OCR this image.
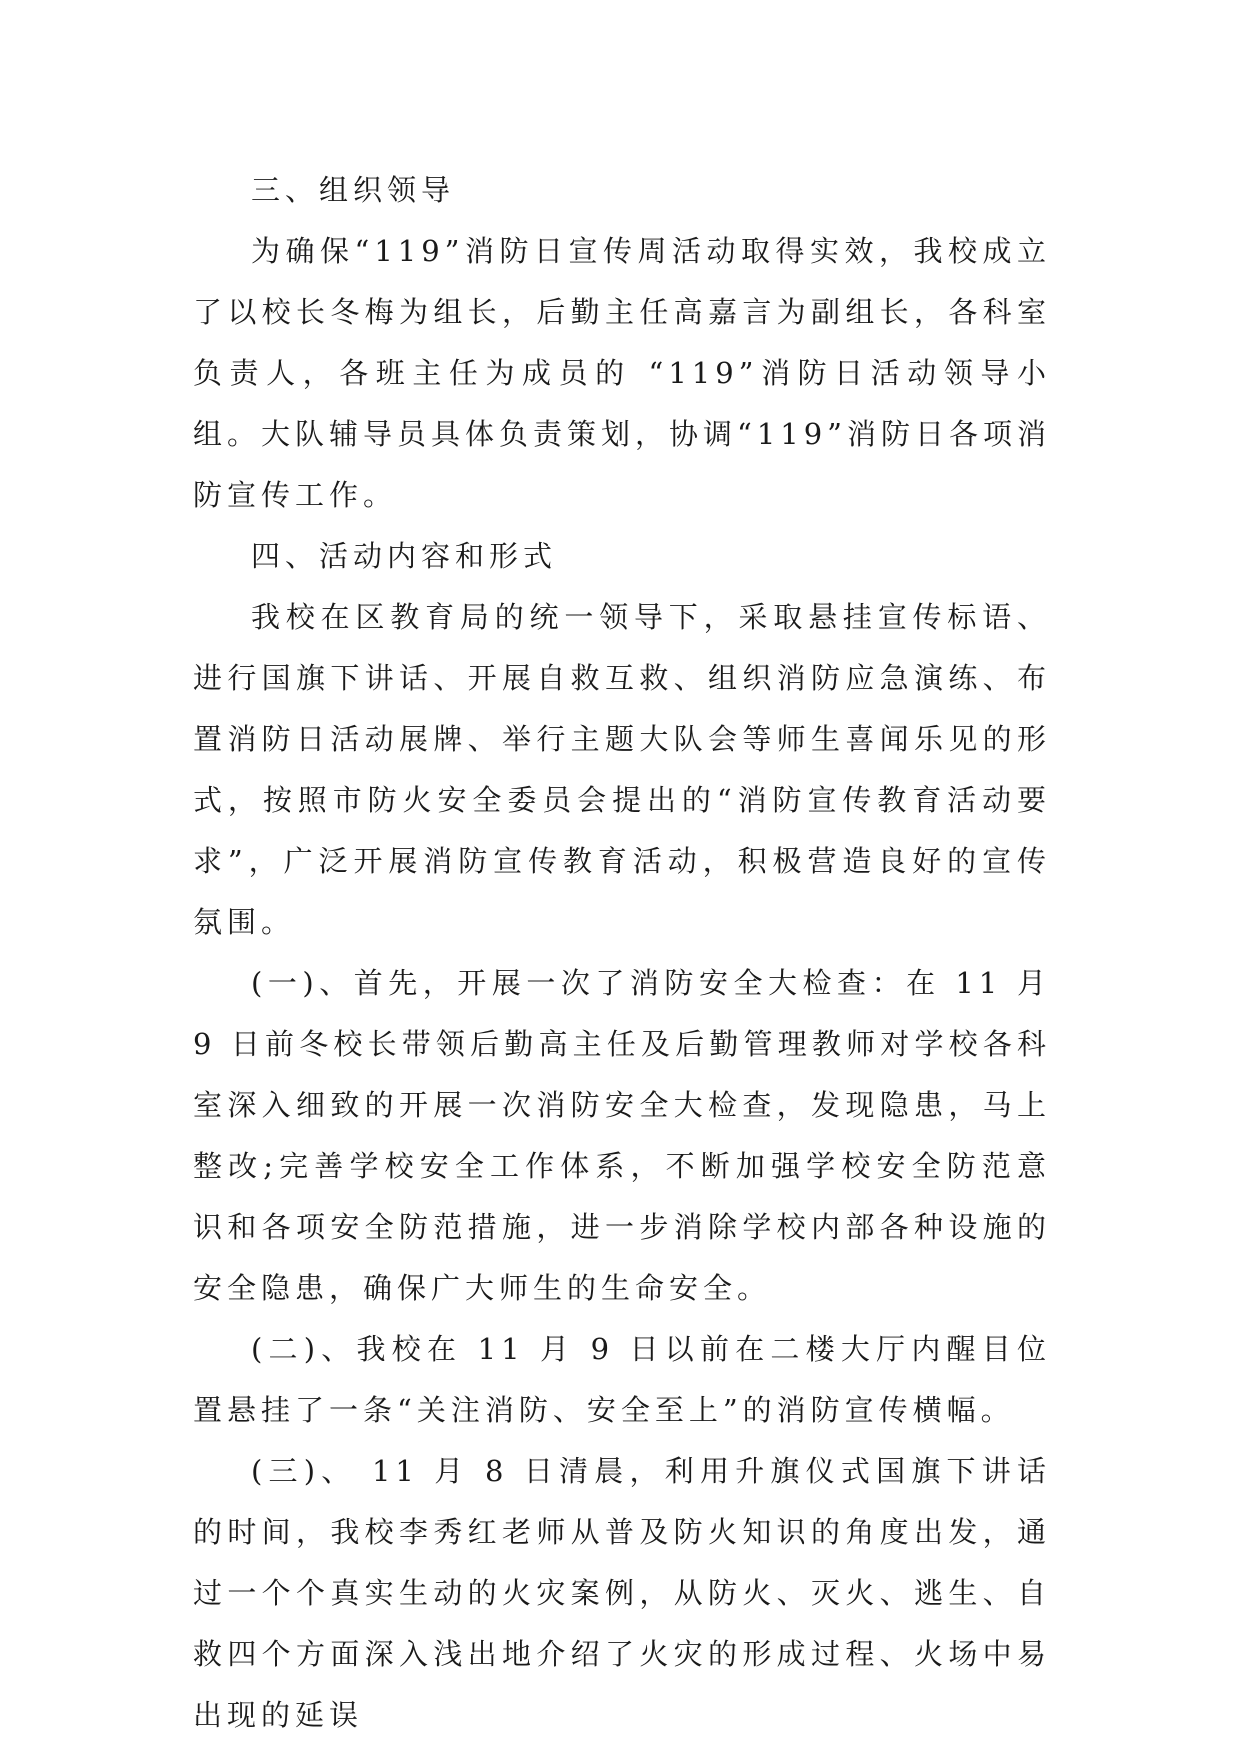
三、组织领导

为确保“119”消防日宣传周活动取得实效，我校成立了以校长冬梅为组长，后勤主任高嘉言为副组长，各科室负责人，各班主任为成员的 “119”消防日活动领导小组。大队辅导员具体负责策划，协调“119”消防日各项消防宣传工作。

四、活动内容和形式

我校在区教育局的统一领导下，采取悬挂宣传标语、进行国旗下讲话、开展自救互救、组织消防应急演练、布置消防日活动展牌、举行主题大队会等师生喜闻乐见的形式，按照市防火安全委员会提出的“消防宣传教育活动要求”，广泛开展消防宣传教育活动，积极营造良好的宣传氛围。

(一)、首先，开展一次了消防安全大检查：在 11 月 9 日前冬校长带领后勤高主任及后勤管理教师对学校各科室深入细致的开展一次消防安全大检查，发现隐患，马上整改;完善学校安全工作体系，不断加强学校安全防范意识和各项安全防范措施，进一步消除学校内部各种设施的安全隐患，确保广大师生的生命安全。

(二)、我校在 11 月 9 日以前在二楼大厅内醒目位置悬挂了一条“关注消防、安全至上”的消防宣传横幅。

(三)、 11 月 8 日清晨，利用升旗仪式国旗下讲话的时间，我校李秀红老师从普及防火知识的角度出发，通过一个个真实生动的火灾案例，从防火、灭火、逃生、自救四个方面深入浅出地介绍了火灾的形成过程、火场中易出现的延误
